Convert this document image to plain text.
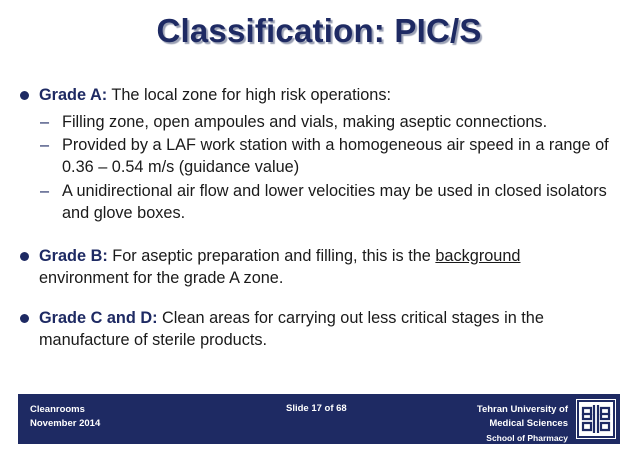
Classification: PIC/S
Grade A: The local zone for high risk operations:
– Filling zone, open ampoules and vials, making aseptic connections.
– Provided by a LAF work station with a homogeneous air speed in a range of 0.36 – 0.54 m/s (guidance value)
– A unidirectional air flow and lower velocities may be used in closed isolators and glove boxes.
Grade B: For aseptic preparation and filling, this is the background environment for the grade A zone.
Grade C and D: Clean areas for carrying out less critical stages in the manufacture of sterile products.
Cleanrooms
November 2014
Slide 17 of 68	Tehran University of
Medical Sciences
School of Pharmacy
